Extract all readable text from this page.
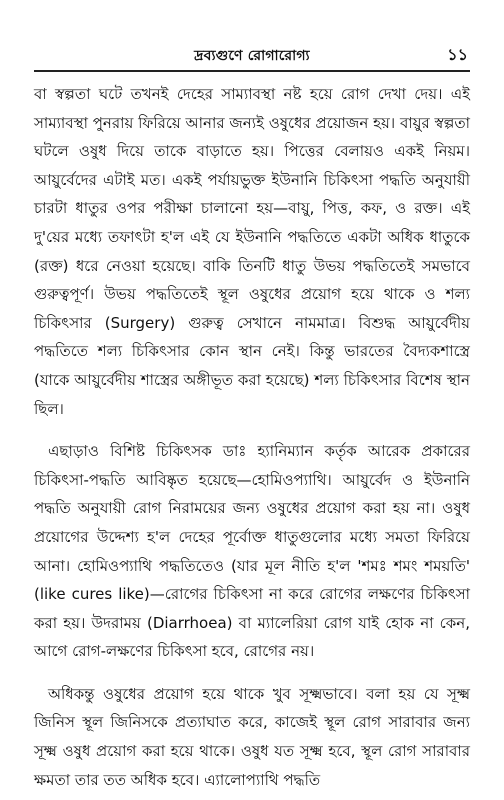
দ্রব্যগুণে রোগারোগ্য	১১

বা স্বল্পতা ঘটে তখনই দেহের সাম্যাবস্থা নষ্ট হয়ে রোগ দেখা দেয়। এই সাম্যাবস্থা পুনরায় ফিরিয়ে আনার জন্যই ওষুধের প্রয়োজন হয়। বায়ুর স্বল্পতা ঘটলে ওষুধ দিয়ে তাকে বাড়াতে হয়। পিত্তের বেলায়ও একই নিয়ম। আয়ুর্বেদের এটাই মত। একই পর্যায়ভুক্ত ইউনানি চিকিৎসা পদ্ধতি অনুযায়ী চারটা ধাতুর ওপর পরীক্ষা চালানো হয়—বায়ু, পিত্ত, কফ, ও রক্ত। এই দু'য়ের মধ্যে তফাৎটা হ'ল এই যে ইউনানি পদ্ধতিতে একটা অধিক ধাতুকে (রক্ত) ধরে নেওয়া হয়েছে। বাকি তিনটি ধাতু উভয় পদ্ধতিতেই সমভাবে গুরুত্বপূর্ণ। উভয় পদ্ধতিতেই স্থূল ওষুধের প্রয়োগ হয়ে থাকে ও শল্য চিকিৎসার (Surgery) গুরুত্ব সেখানে নামমাত্র। বিশুদ্ধ আয়ুর্বেদীয় পদ্ধতিতে শল্য চিকিৎসার কোন স্থান নেই। কিন্তু ভারতের বৈদ্যকশাস্ত্রে (যাকে আয়ুর্বেদীয় শাস্ত্রের অঙ্গীভূত করা হয়েছে) শল্য চিকিৎসার বিশেষ স্থান ছিল।

এছাড়াও বিশিষ্ট চিকিৎসক ডাঃ হ্যানিম্যান কর্তৃক আরেক প্রকারের চিকিৎসা-পদ্ধতি আবিষ্কৃত হয়েছে—হোমিওপ্যাথি। আয়ুর্বেদ ও ইউনানি পদ্ধতি অনুযায়ী রোগ নিরাময়ের জন্য ওষুধের প্রয়োগ করা হয় না। ওষুধ প্রয়োগের উদ্দেশ্য হ'ল দেহের পূর্বোক্ত ধাতুগুলোর মধ্যে সমতা ফিরিয়ে আনা। হোমিওপ্যাথি পদ্ধতিতেও (যার মূল নীতি হ'ল 'শমঃ শমং শময়তি' (like cures like)—রোগের চিকিৎসা না করে রোগের লক্ষণের চিকিৎসা করা হয়। উদরাময় (Diarrhoea) বা ম্যালেরিয়া রোগ যাই হোক না কেন, আগে রোগ-লক্ষণের চিকিৎসা হবে, রোগের নয়।

অধিকন্তু ওষুধের প্রয়োগ হয়ে থাকে খুব সূক্ষ্মভাবে। বলা হয় যে সূক্ষ্ম জিনিস স্থূল জিনিসকে প্রত্যাঘাত করে, কাজেই স্থূল রোগ সারাবার জন্য সূক্ষ্ম ওষুধ প্রয়োগ করা হয়ে থাকে। ওষুধ যত সূক্ষ্ম হবে, স্থূল রোগ সারাবার ক্ষমতা তার তত অধিক হবে। এ্যালোপ্যাথি পদ্ধতি
